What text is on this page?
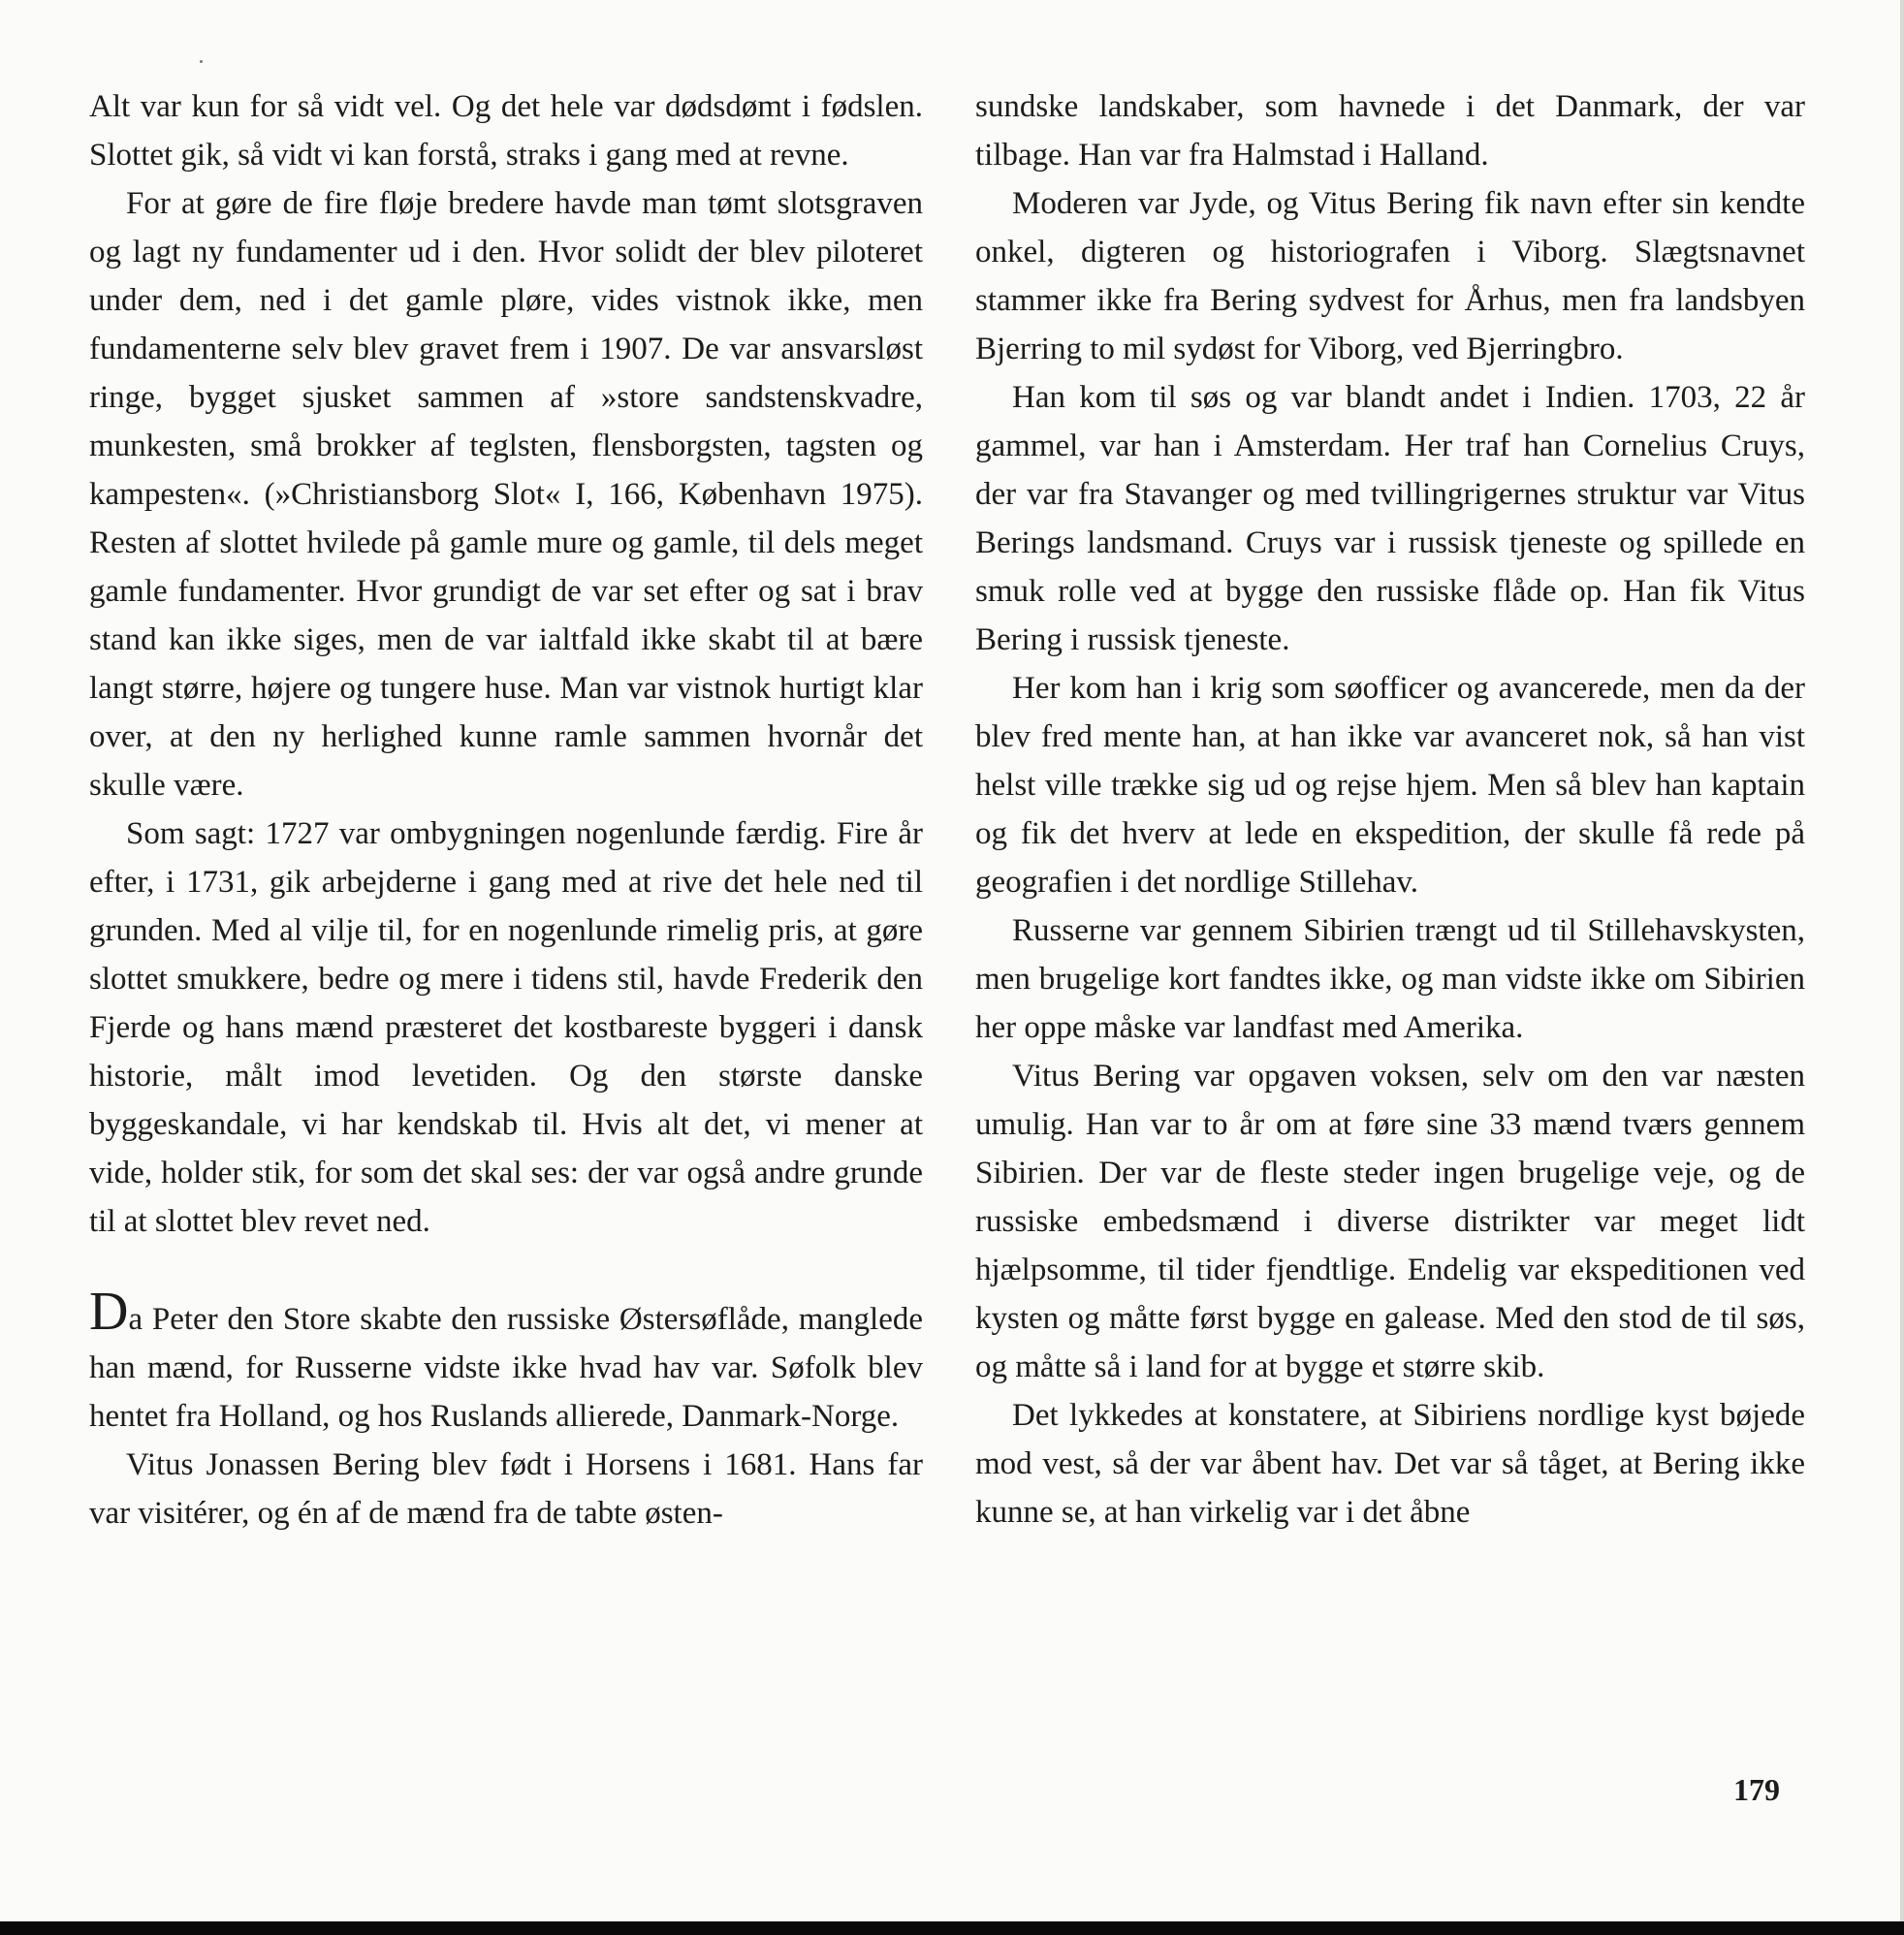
Alt var kun for så vidt vel. Og det hele var dødsdømt i fødslen. Slottet gik, så vidt vi kan forstå, straks i gang med at revne.

For at gøre de fire fløje bredere havde man tømt slotsgraven og lagt ny fundamenter ud i den. Hvor solidt der blev piloteret under dem, ned i det gamle pløre, vides vistnok ikke, men fundamenterne selv blev gravet frem i 1907. De var ansvarsløst ringe, bygget sjusket sammen af »store sandstenskvadre, munkesten, små brokker af teglsten, flensborgsten, tagsten og kampesten«. (»Christiansborg Slot« I, 166, København 1975). Resten af slottet hvilede på gamle mure og gamle, til dels meget gamle fundamenter. Hvor grundigt de var set efter og sat i brav stand kan ikke siges, men de var ialtfald ikke skabt til at bære langt større, højere og tungere huse. Man var vistnok hurtigt klar over, at den ny herlighed kunne ramle sammen hvornår det skulle være.

Som sagt: 1727 var ombygningen nogenlunde færdig. Fire år efter, i 1731, gik arbejderne i gang med at rive det hele ned til grunden. Med al vilje til, for en nogenlunde rimelig pris, at gøre slottet smukkere, bedre og mere i tidens stil, havde Frederik den Fjerde og hans mænd præsteret det kostbareste byggeri i dansk historie, målt imod levetiden. Og den største danske byggeskandale, vi har kendskab til. Hvis alt det, vi mener at vide, holder stik, for som det skal ses: der var også andre grunde til at slottet blev revet ned.

Da Peter den Store skabte den russiske Østersøflåde, manglede han mænd, for Russerne vidste ikke hvad hav var. Søfolk blev hentet fra Holland, og hos Ruslands allierede, Danmark-Norge.

Vitus Jonassen Bering blev født i Horsens i 1681. Hans far var visitérer, og én af de mænd fra de tabte østen-

sundske landskaber, som havnede i det Danmark, der var tilbage. Han var fra Halmstad i Halland.

Moderen var Jyde, og Vitus Bering fik navn efter sin kendte onkel, digteren og historiografen i Viborg. Slægtsnavnet stammer ikke fra Bering sydvest for Århus, men fra landsbyen Bjerring to mil sydøst for Viborg, ved Bjerringbro.

Han kom til søs og var blandt andet i Indien. 1703, 22 år gammel, var han i Amsterdam. Her traf han Cornelius Cruys, der var fra Stavanger og med tvillingrigernes struktur var Vitus Berings landsmand. Cruys var i russisk tjeneste og spillede en smuk rolle ved at bygge den russiske flåde op. Han fik Vitus Bering i russisk tjeneste.

Her kom han i krig som søofficer og avancerede, men da der blev fred mente han, at han ikke var avanceret nok, så han vist helst ville trække sig ud og rejse hjem. Men så blev han kaptain og fik det hverv at lede en ekspedition, der skulle få rede på geografien i det nordlige Stillehav.

Russerne var gennem Sibirien trængt ud til Stillehavskysten, men brugelige kort fandtes ikke, og man vidste ikke om Sibirien her oppe måske var landfast med Amerika.

Vitus Bering var opgaven voksen, selv om den var næsten umulig. Han var to år om at føre sine 33 mænd tværs gennem Sibirien. Der var de fleste steder ingen brugelige veje, og de russiske embedsmænd i diverse distrikter var meget lidt hjælpsomme, til tider fjendtlige. Endelig var ekspeditionen ved kysten og måtte først bygge en galease. Med den stod de til søs, og måtte så i land for at bygge et større skib.

Det lykkedes at konstatere, at Sibiriens nordlige kyst bøjede mod vest, så der var åbent hav. Det var så tåget, at Bering ikke kunne se, at han virkelig var i det åbne

179
